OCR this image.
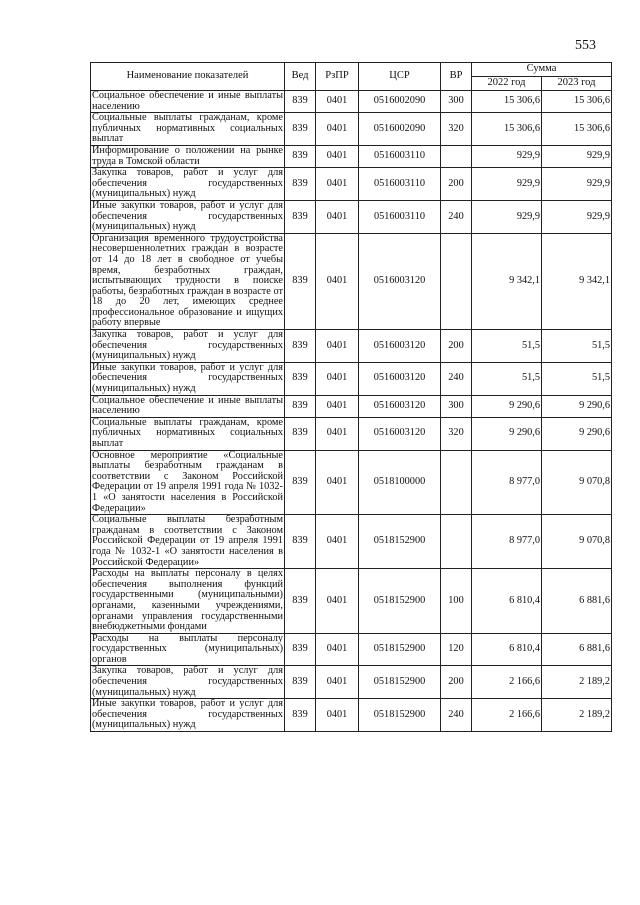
553
Наименование показателей	Вед	РзПР	ЦСР	ВР	Сумма	
					2022 год	2023 год
Социальное обеспечение и иные выплаты населению	839	0401	0516002090	300	15 306,6	15 306,6
Социальные выплаты гражданам, кроме публичных нормативных социальных выплат	839	0401	0516002090	320	15 306,6	15 306,6
Информирование о положении на рынке труда в Томской области	839	0401	0516003110		929,9	929,9
Закупка товаров, работ и услуг для обеспечения государственных (муниципальных) нужд	839	0401	0516003110	200	929,9	929,9
Иные закупки товаров, работ и услуг для обеспечения государственных (муниципальных) нужд	839	0401	0516003110	240	929,9	929,9
Организация временного трудоустройства несовершеннолетних граждан в возрасте от 14 до 18 лет в свободное от учебы время, безработных граждан, испытывающих трудности в поиске работы, безработных граждан в возрасте от 18 до 20 лет, имеющих среднее профессиональное образование и ищущих работу впервые	839	0401	0516003120		9 342,1	9 342,1
Закупка товаров, работ и услуг для обеспечения государственных (муниципальных) нужд	839	0401	0516003120	200	51,5	51,5
Иные закупки товаров, работ и услуг для обеспечения государственных (муниципальных) нужд	839	0401	0516003120	240	51,5	51,5
Социальное обеспечение и иные выплаты населению	839	0401	0516003120	300	9 290,6	9 290,6
Социальные выплаты гражданам, кроме публичных нормативных социальных выплат	839	0401	0516003120	320	9 290,6	9 290,6
Основное мероприятие «Социальные выплаты безработным гражданам в соответствии с Законом Российской Федерации от 19 апреля 1991 года № 1032-1 «О занятости населения в Российской Федерации»	839	0401	0518100000		8 977,0	9 070,8
Социальные выплаты безработным гражданам в соответствии с Законом Российской Федерации от 19 апреля 1991 года № 1032-1 «О занятости населения в Российской Федерации»	839	0401	0518152900		8 977,0	9 070,8
Расходы на выплаты персоналу в целях обеспечения выполнения функций государственными (муниципальными) органами, казенными учреждениями, органами управления государственными внебюджетными фондами	839	0401	0518152900	100	6 810,4	6 881,6
Расходы на выплаты персоналу государственных (муниципальных) органов	839	0401	0518152900	120	6 810,4	6 881,6
Закупка товаров, работ и услуг для обеспечения государственных (муниципальных) нужд	839	0401	0518152900	200	2 166,6	2 189,2
Иные закупки товаров, работ и услуг для обеспечения государственных (муниципальных) нужд	839	0401	0518152900	240	2 166,6	2 189,2
